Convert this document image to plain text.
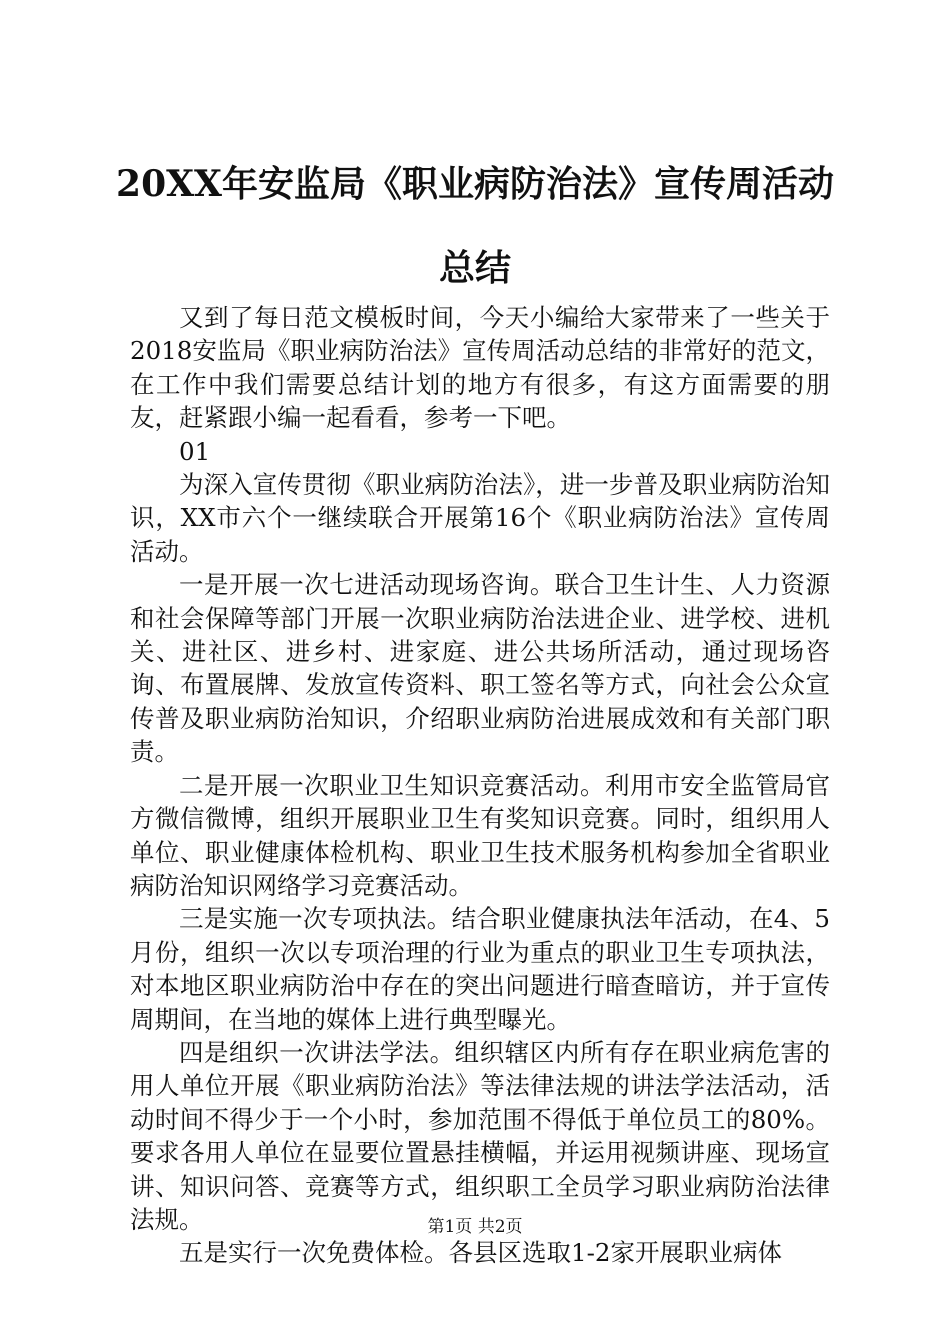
20XX年安监局《职业病防治法》宣传周活动
总结

又到了每日范文模板时间，今天小编给大家带来了一些关于2018安监局《职业病防治法》宣传周活动总结的非常好的范文，在工作中我们需要总结计划的地方有很多，有这方面需要的朋友，赶紧跟小编一起看看，参考一下吧。

01

为深入宣传贯彻《职业病防治法》，进一步普及职业病防治知识，XX市六个一继续联合开展第16个《职业病防治法》宣传周活动。

一是开展一次七进活动现场咨询。联合卫生计生、人力资源和社会保障等部门开展一次职业病防治法进企业、进学校、进机关、进社区、进乡村、进家庭、进公共场所活动，通过现场咨询、布置展牌、发放宣传资料、职工签名等方式，向社会公众宣传普及职业病防治知识，介绍职业病防治进展成效和有关部门职责。

二是开展一次职业卫生知识竞赛活动。利用市安全监管局官方微信微博，组织开展职业卫生有奖知识竞赛。同时，组织用人单位、职业健康体检机构、职业卫生技术服务机构参加全省职业病防治知识网络学习竞赛活动。

三是实施一次专项执法。结合职业健康执法年活动，在4、5月份，组织一次以专项治理的行业为重点的职业卫生专项执法，对本地区职业病防治中存在的突出问题进行暗查暗访，并于宣传周期间，在当地的媒体上进行典型曝光。

四是组织一次讲法学法。组织辖区内所有存在职业病危害的用人单位开展《职业病防治法》等法律法规的讲法学法活动，活动时间不得少于一个小时，参加范围不得低于单位员工的80%。要求各用人单位在显要位置悬挂横幅，并运用视频讲座、现场宣讲、知识问答、竞赛等方式，组织职工全员学习职业病防治法律法规。

五是实行一次免费体检。各县区选取1-2家开展职业病体

第1页 共2页
